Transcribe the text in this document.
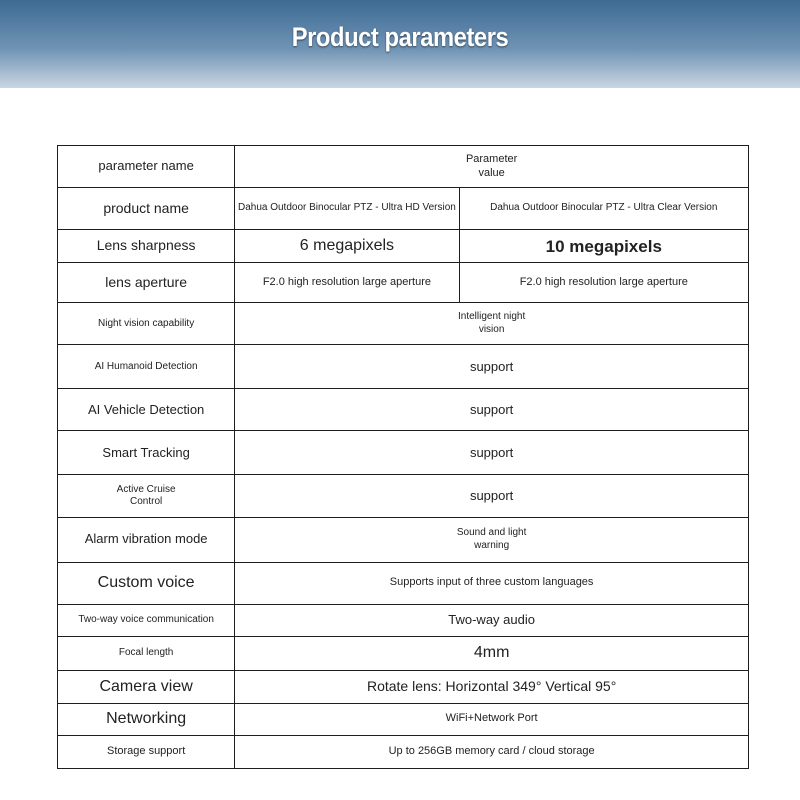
Product parameters
parameter name	Parameter value	
product name	Dahua Outdoor Binocular PTZ - Ultra HD Version	Dahua Outdoor Binocular PTZ - Ultra Clear Version
Lens sharpness	6 megapixels	10 megapixels
lens aperture	F2.0 high resolution large aperture	F2.0 high resolution large aperture
Night vision capability	Intelligent night vision	
AI Humanoid Detection	support	
AI Vehicle Detection	support	
Smart Tracking	support	
Active Cruise Control	support	
Alarm vibration mode	Sound and light warning	
Custom voice	Supports input of three custom languages	
Two-way voice communication	Two-way audio	
Focal length	4mm	
Camera view	Rotate lens: Horizontal 349° Vertical 95°	
Networking	WiFi+Network Port	
Storage support	Up to 256GB memory card / cloud storage	
